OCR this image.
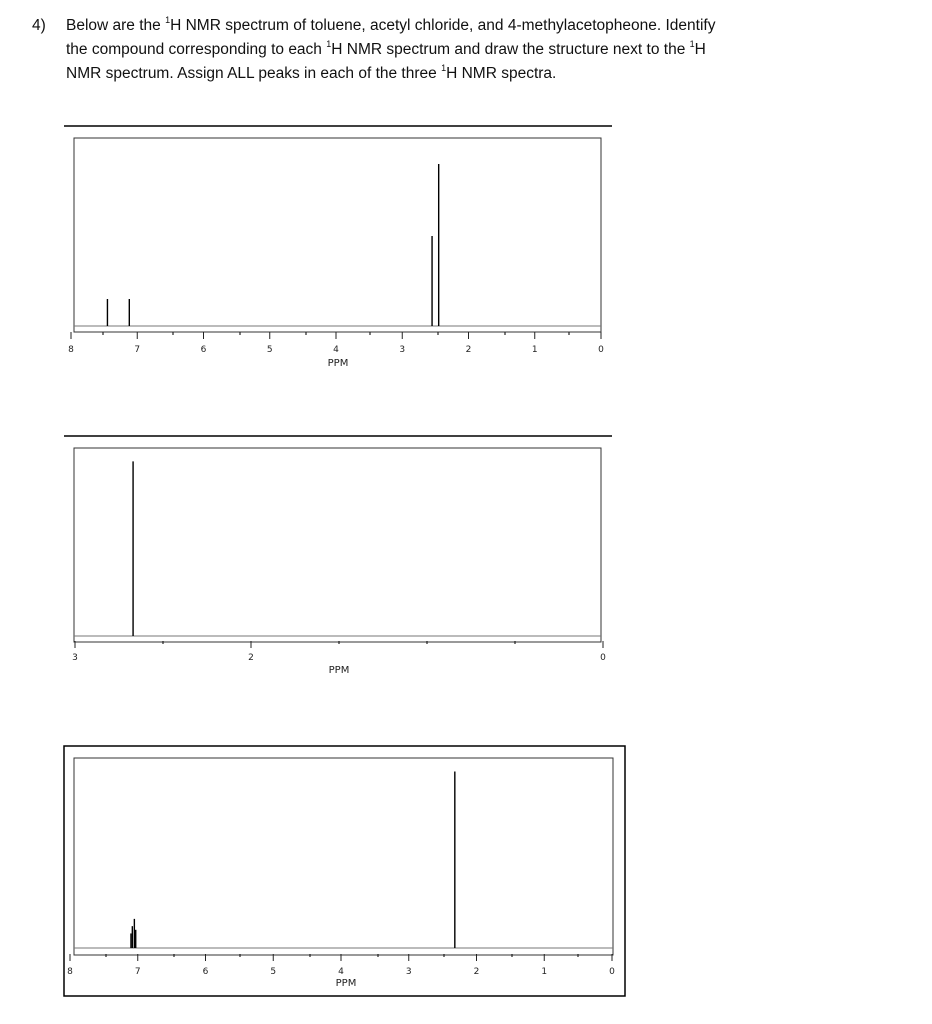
4) Below are the $^1$H NMR spectrum of toluene, acetyl chloride, and 4-methylacetopheone. Identify
the compound corresponding to each $^1$H NMR spectrum and draw the structure next to the $^1$H
NMR spectrum. Assign ALL peaks in each of the three $^1$H NMR spectra.
8	7	6	5	4	3	2	1	0
PPM
3	2	0
PPM
8	7	6	5	4	3	2	1	0
PPM
